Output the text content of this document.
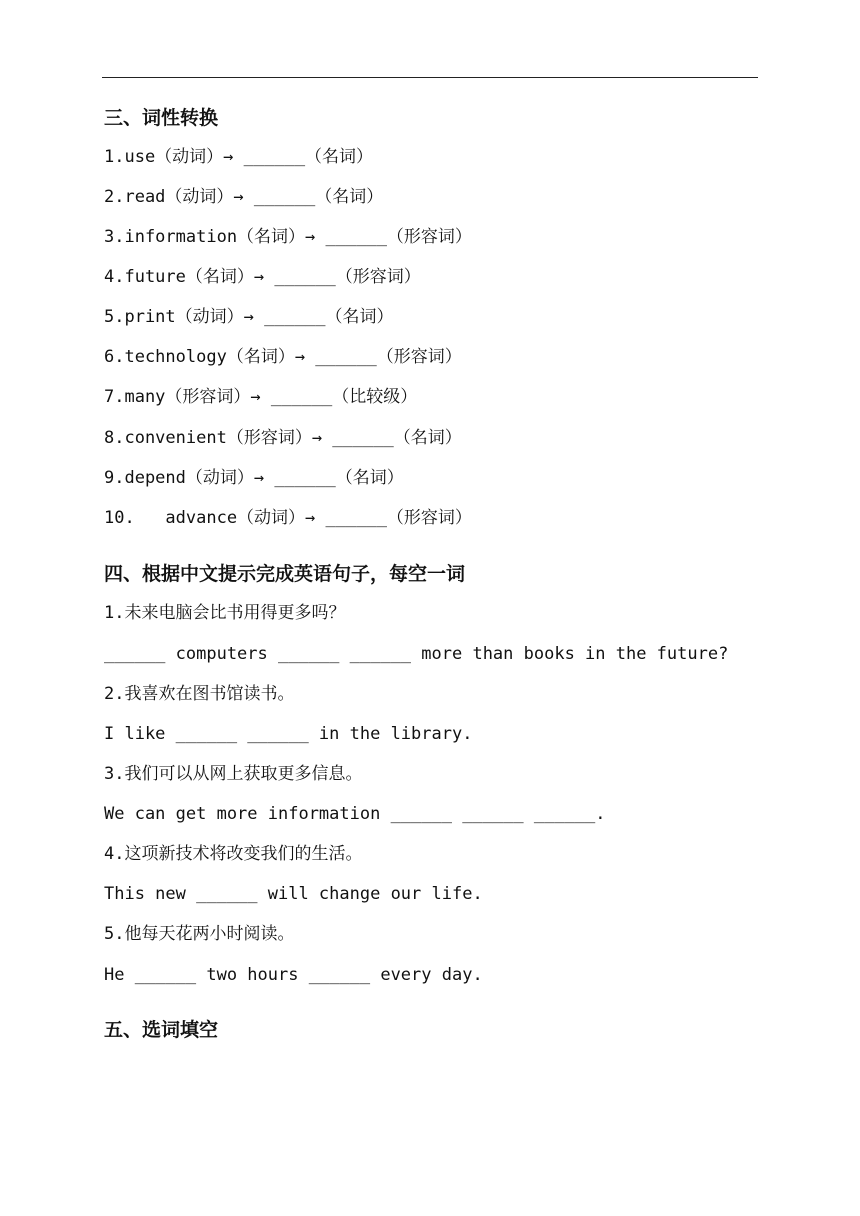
三、词性转换
1.use（动词）→ ______（名词）
2.read（动词）→ ______（名词）
3.information（名词）→ ______（形容词）
4.future（名词）→ ______（形容词）
5.print（动词）→ ______（名词）
6.technology（名词）→ ______（形容词）
7.many（形容词）→ ______（比较级）
8.convenient（形容词）→ ______（名词）
9.depend（动词）→ ______（名词）
10.   advance（动词）→ ______（形容词）
四、根据中文提示完成英语句子，每空一词
1.未来电脑会比书用得更多吗？
______ computers ______ ______ more than books in the future?
2.我喜欢在图书馆读书。
I like ______ ______ in the library.
3.我们可以从网上获取更多信息。
We can get more information ______ ______ ______.
4.这项新技术将改变我们的生活。
This new ______ will change our life.
5.他每天花两小时阅读。
He ______ two hours ______ every day.
五、选词填空
